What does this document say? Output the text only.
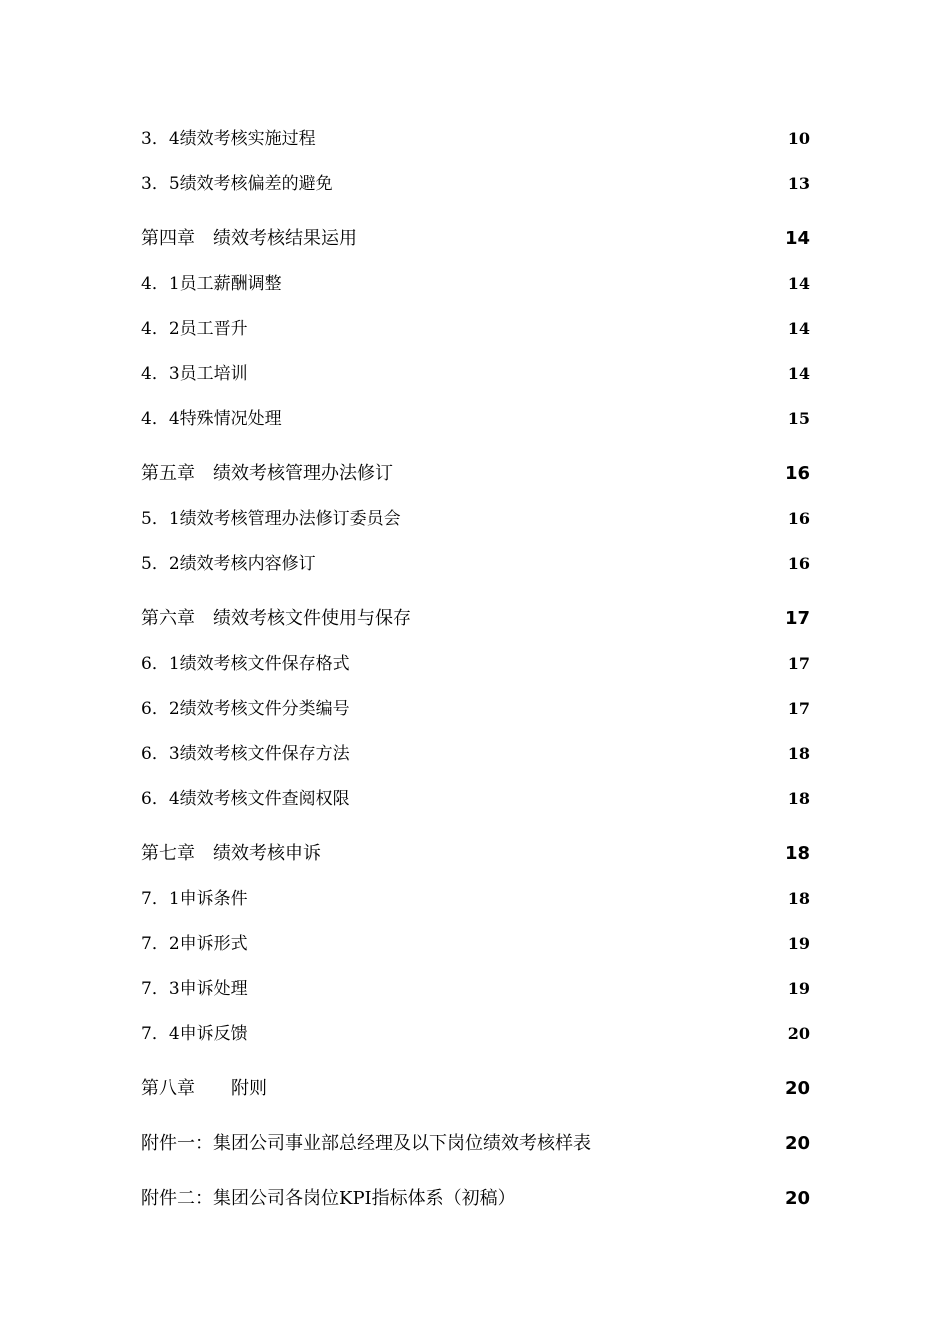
3．4绩效考核实施过程	10
3．5绩效考核偏差的避免	13
第四章　绩效考核结果运用	14
4．1员工薪酬调整	14
4．2员工晋升	14
4．3员工培训	14
4．4特殊情况处理	15
第五章　绩效考核管理办法修订	16
5．1绩效考核管理办法修订委员会	16
5．2绩效考核内容修订	16
第六章　绩效考核文件使用与保存	17
6．1绩效考核文件保存格式	17
6．2绩效考核文件分类编号	17
6．3绩效考核文件保存方法	18
6．4绩效考核文件查阅权限	18
第七章　绩效考核申诉	18
7．1申诉条件	18
7．2申诉形式	19
7．3申诉处理	19
7．4申诉反馈	20
第八章　　附则	20
附件一：集团公司事业部总经理及以下岗位绩效考核样表	20
附件二：集团公司各岗位KPI指标体系（初稿）	20
